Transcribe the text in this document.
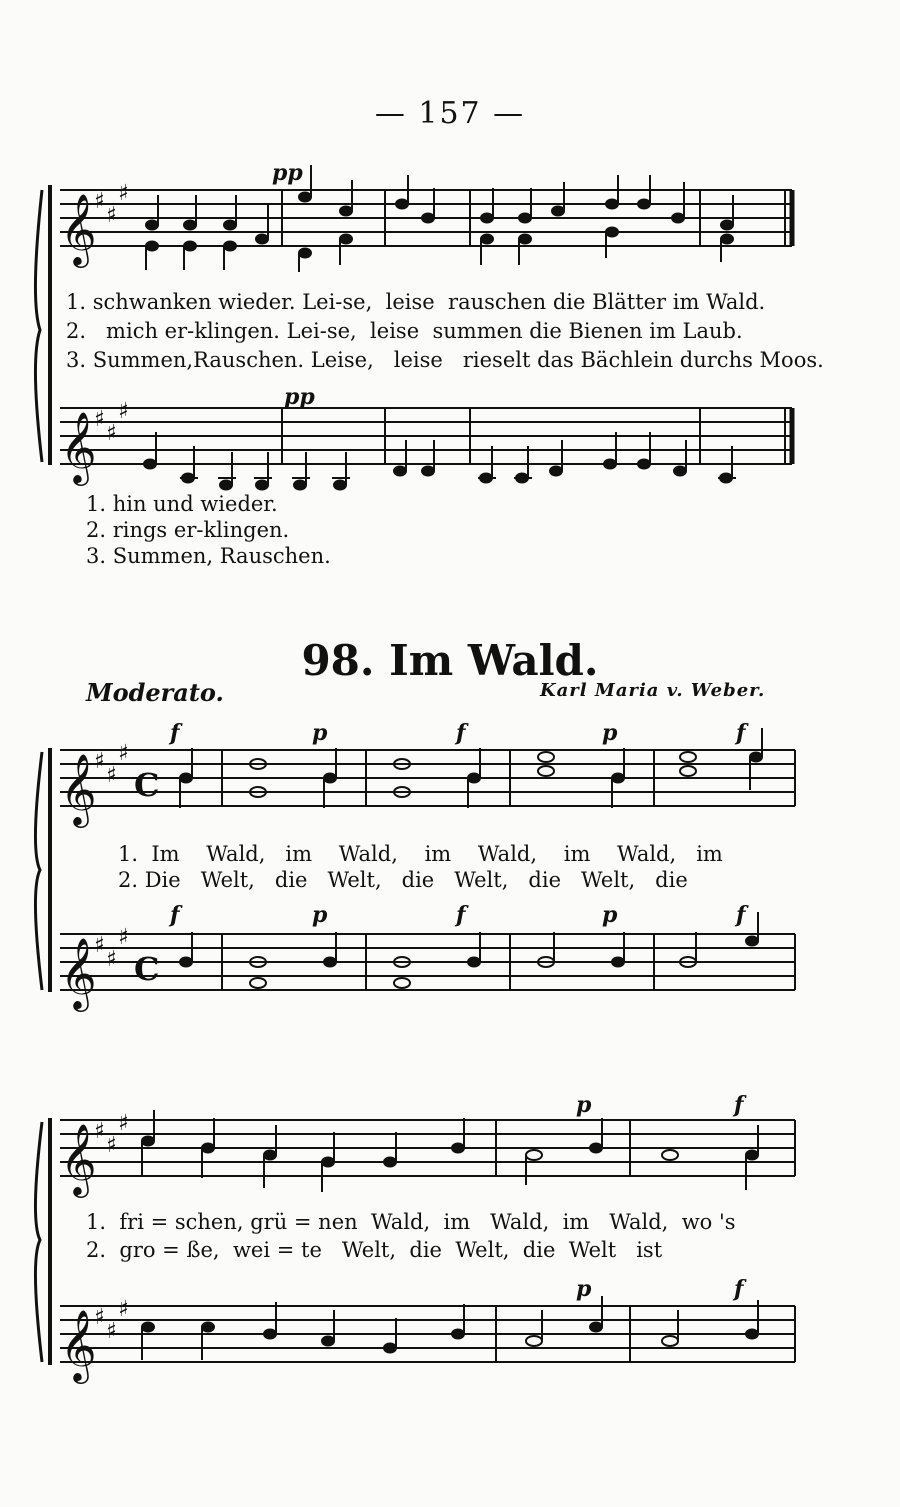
— 157 —
𝄞
♯
♯
♯
𝄞
♯
♯
♯
pp
pp
1. schwanken wieder. Lei-se,  leise  rauschen die Blätter im Wald.
2.   mich er-klingen. Lei-se,  leise  summen die Bienen im Laub.
3. Summen,Rauschen. Leise,   leise   rieselt das Bächlein durchs Moos.
1. hin und wieder.
2. rings er-klingen.
3. Summen, Rauschen.
98. Im Wald.
Moderato.	Karl Maria v. Weber.
𝄞
♯
♯
♯
C
𝄞
♯
♯
♯
C
f	p	f	p	f
1.  Im    Wald,   im    Wald,    im    Wald,    im    Wald,   im
2. Die   Welt,   die   Welt,   die   Welt,   die   Welt,   die
f	p	f	p	f
𝄞
♯
♯
♯
𝄞
♯
♯
♯
p	f
1.  fri = schen, grü = nen  Wald,  im   Wald,  im   Wald,  wo 's
2.  gro = ße,  wei = te   Welt,  die  Welt,  die  Welt   ist
p	f
